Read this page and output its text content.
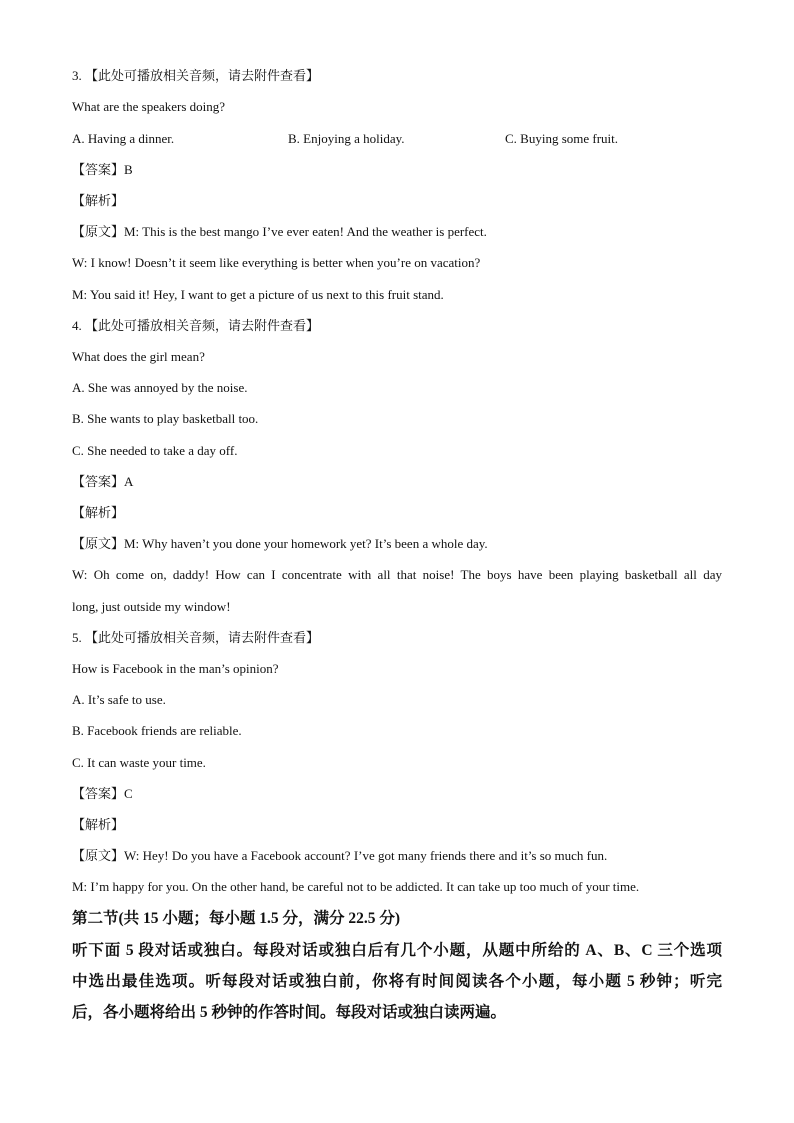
3. 【此处可播放相关音频，请去附件查看】
What are the speakers doing?
A. Having a dinner.	B. Enjoying a holiday.	C. Buying some fruit.
【答案】B
【解析】
【原文】M: This is the best mango I’ve ever eaten! And the weather is perfect.
W: I know! Doesn’t it seem like everything is better when you’re on vacation?
M: You said it! Hey, I want to get a picture of us next to this fruit stand.
4. 【此处可播放相关音频，请去附件查看】
What does the girl mean?
A. She was annoyed by the noise.
B. She wants to play basketball too.
C. She needed to take a day off.
【答案】A
【解析】
【原文】M: Why haven’t you done your homework yet? It’s been a whole day.
W: Oh come on, daddy! How can I concentrate with all that noise! The boys have been playing basketball all day
long, just outside my window!
5. 【此处可播放相关音频，请去附件查看】
How is Facebook in the man’s opinion?
A. It’s safe to use.
B. Facebook friends are reliable.
C. It can waste your time.
【答案】C
【解析】
【原文】W: Hey! Do you have a Facebook account? I’ve got many friends there and it’s so much fun.
M: I’m happy for you. On the other hand, be careful not to be addicted. It can take up too much of your time.
第二节(共 15 小题；每小题 1.5 分，满分 22.5 分)
听下面 5 段对话或独白。每段对话或独白后有几个小题，从题中所给的 A、B、C 三个选项
中选出最佳选项。听每段对话或独白前，你将有时间阅读各个小题，每小题 5 秒钟；听完
后，各小题将给出 5 秒钟的作答时间。每段对话或独白读两遍。
